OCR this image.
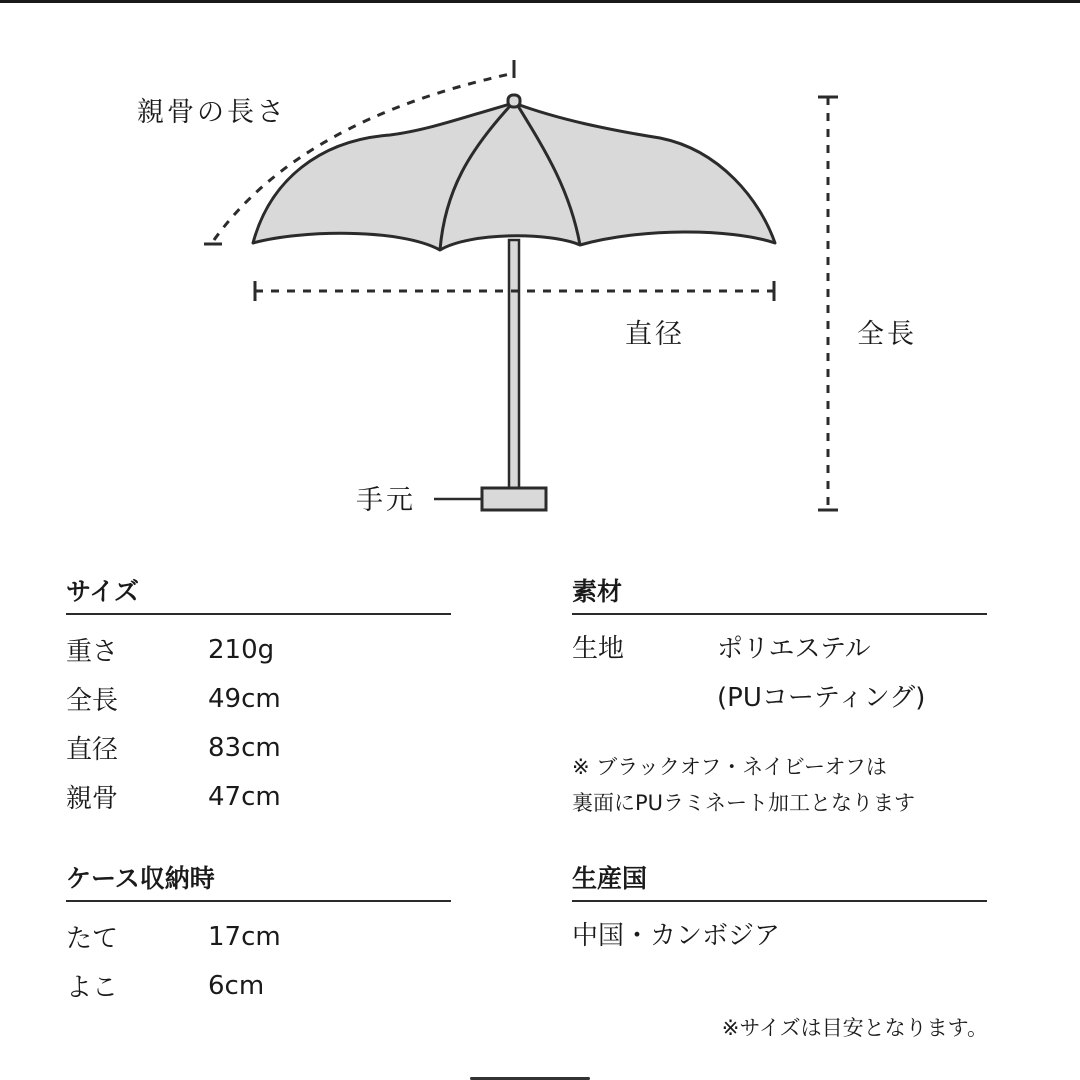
親骨の長さ
手元
直径	全長
サイズ
重さ	210g
全長	49cm
直径	83cm
親骨	47cm
ケース収納時
たて	17cm
よこ	6cm
素材
生地	ポリエステル
(PUコーティング)
※ ブラックオフ・ネイビーオフは
裏面にPUラミネート加工となります
生産国
中国・カンボジア
※サイズは目安となります。
